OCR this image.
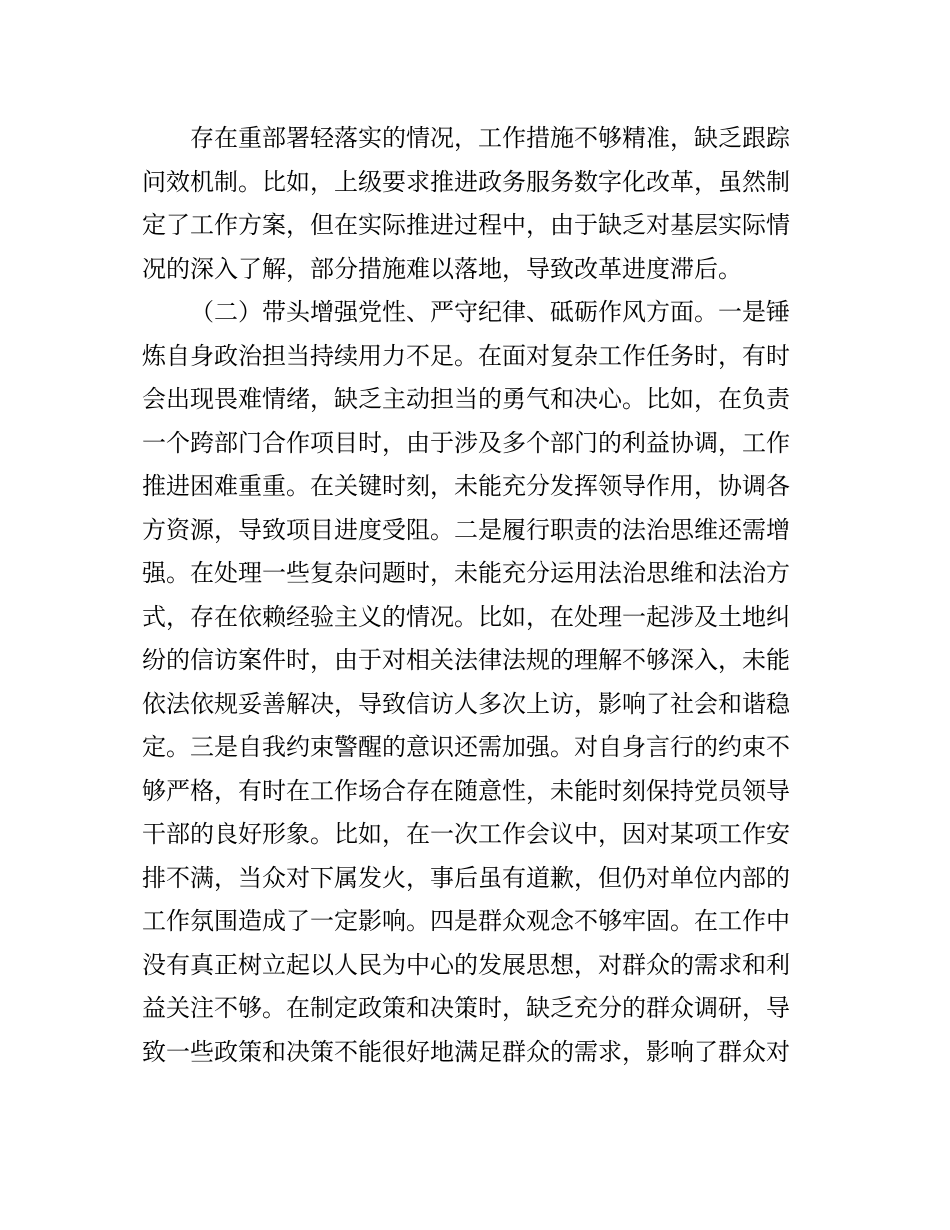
存在重部署轻落实的情况，工作措施不够精准，缺乏跟踪
问效机制。比如，上级要求推进政务服务数字化改革，虽然制
定了工作方案，但在实际推进过程中，由于缺乏对基层实际情
况的深入了解，部分措施难以落地，导致改革进度滞后。

（二）带头增强党性、严守纪律、砥砺作风方面。一是锤
炼自身政治担当持续用力不足。在面对复杂工作任务时，有时
会出现畏难情绪，缺乏主动担当的勇气和决心。比如，在负责
一个跨部门合作项目时，由于涉及多个部门的利益协调，工作
推进困难重重。在关键时刻，未能充分发挥领导作用，协调各
方资源，导致项目进度受阻。二是履行职责的法治思维还需增
强。在处理一些复杂问题时，未能充分运用法治思维和法治方
式，存在依赖经验主义的情况。比如，在处理一起涉及土地纠
纷的信访案件时，由于对相关法律法规的理解不够深入，未能
依法依规妥善解决，导致信访人多次上访，影响了社会和谐稳
定。三是自我约束警醒的意识还需加强。对自身言行的约束不
够严格，有时在工作场合存在随意性，未能时刻保持党员领导
干部的良好形象。比如，在一次工作会议中，因对某项工作安
排不满，当众对下属发火，事后虽有道歉，但仍对单位内部的
工作氛围造成了一定影响。四是群众观念不够牢固。在工作中
没有真正树立起以人民为中心的发展思想，对群众的需求和利
益关注不够。在制定政策和决策时，缺乏充分的群众调研，导
致一些政策和决策不能很好地满足群众的需求，影响了群众对
